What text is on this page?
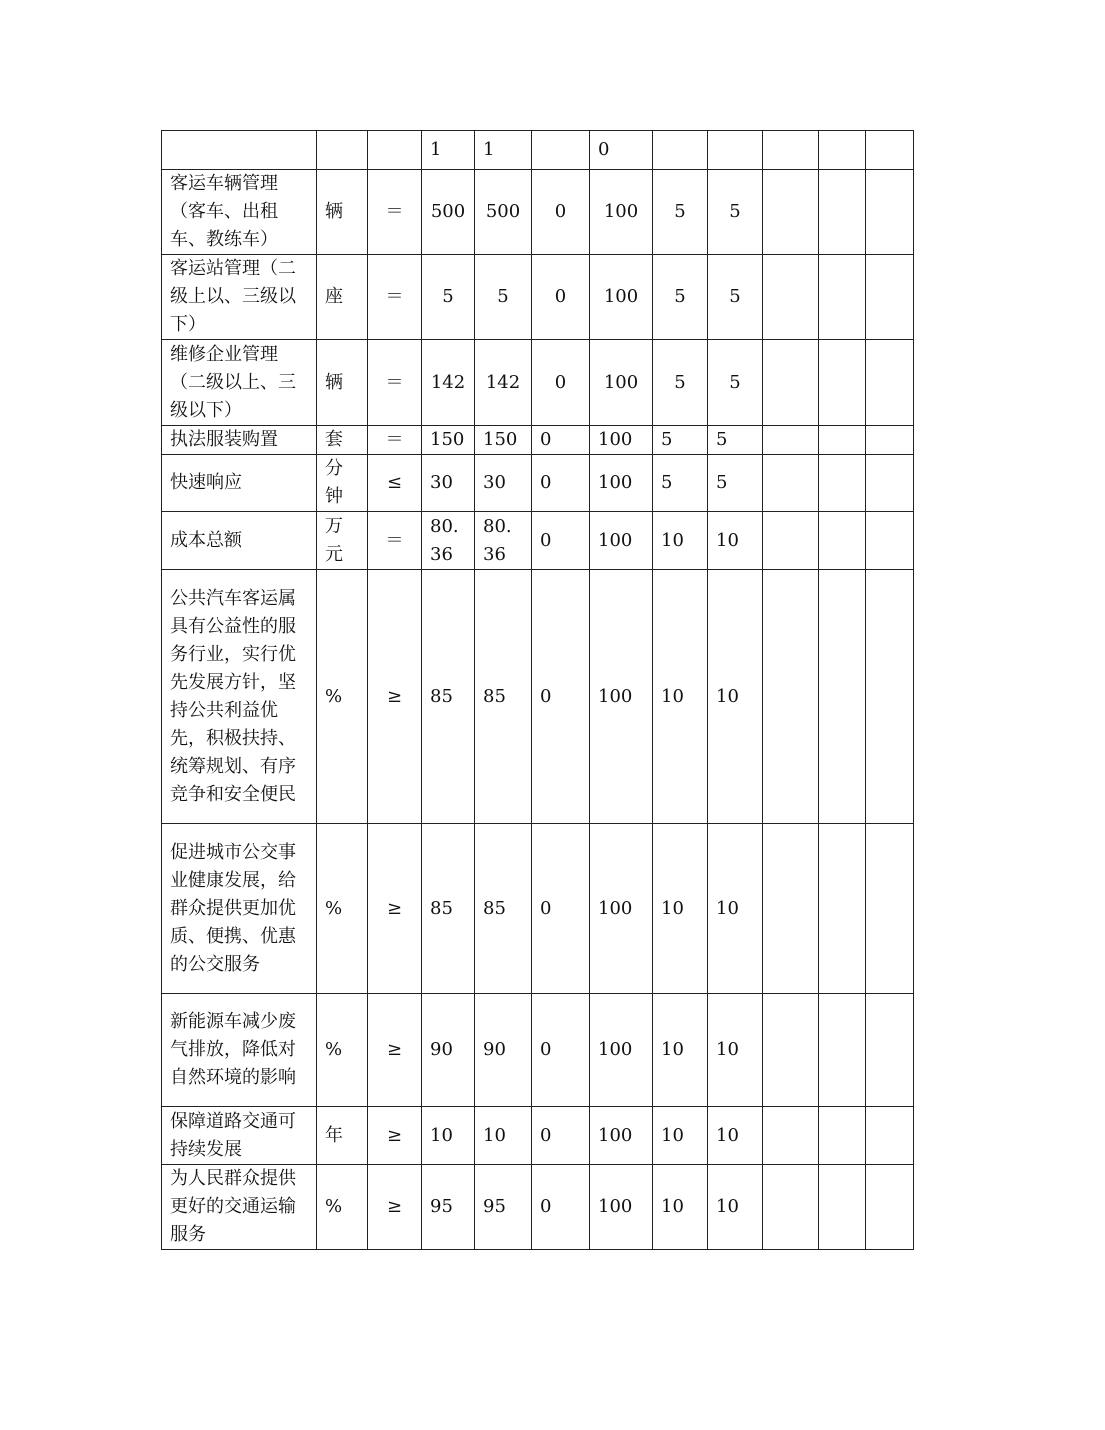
			1	1		0					
客运车辆管理（客车、出租车、教练车）	辆	＝	500	500	0	100	5	5			
客运站管理（二级上以、三级以下）	座	＝	5	5	0	100	5	5			
维修企业管理（二级以上、三级以下）	辆	＝	142	142	0	100	5	5			
执法服装购置	套	＝	150	150	0	100	5	5			
快速响应	分钟	≤	30	30	0	100	5	5			
成本总额	万元	＝	80.36	80.36	0	100	10	10			
公共汽车客运属具有公益性的服务行业，实行优先发展方针，坚持公共利益优先，积极扶持、统筹规划、有序竞争和安全便民	%	≥	85	85	0	100	10	10			
促进城市公交事业健康发展，给群众提供更加优质、便携、优惠的公交服务	%	≥	85	85	0	100	10	10			
新能源车减少废气排放，降低对自然环境的影响	%	≥	90	90	0	100	10	10			
保障道路交通可持续发展	年	≥	10	10	0	100	10	10			
为人民群众提供更好的交通运输服务	%	≥	95	95	0	100	10	10			
